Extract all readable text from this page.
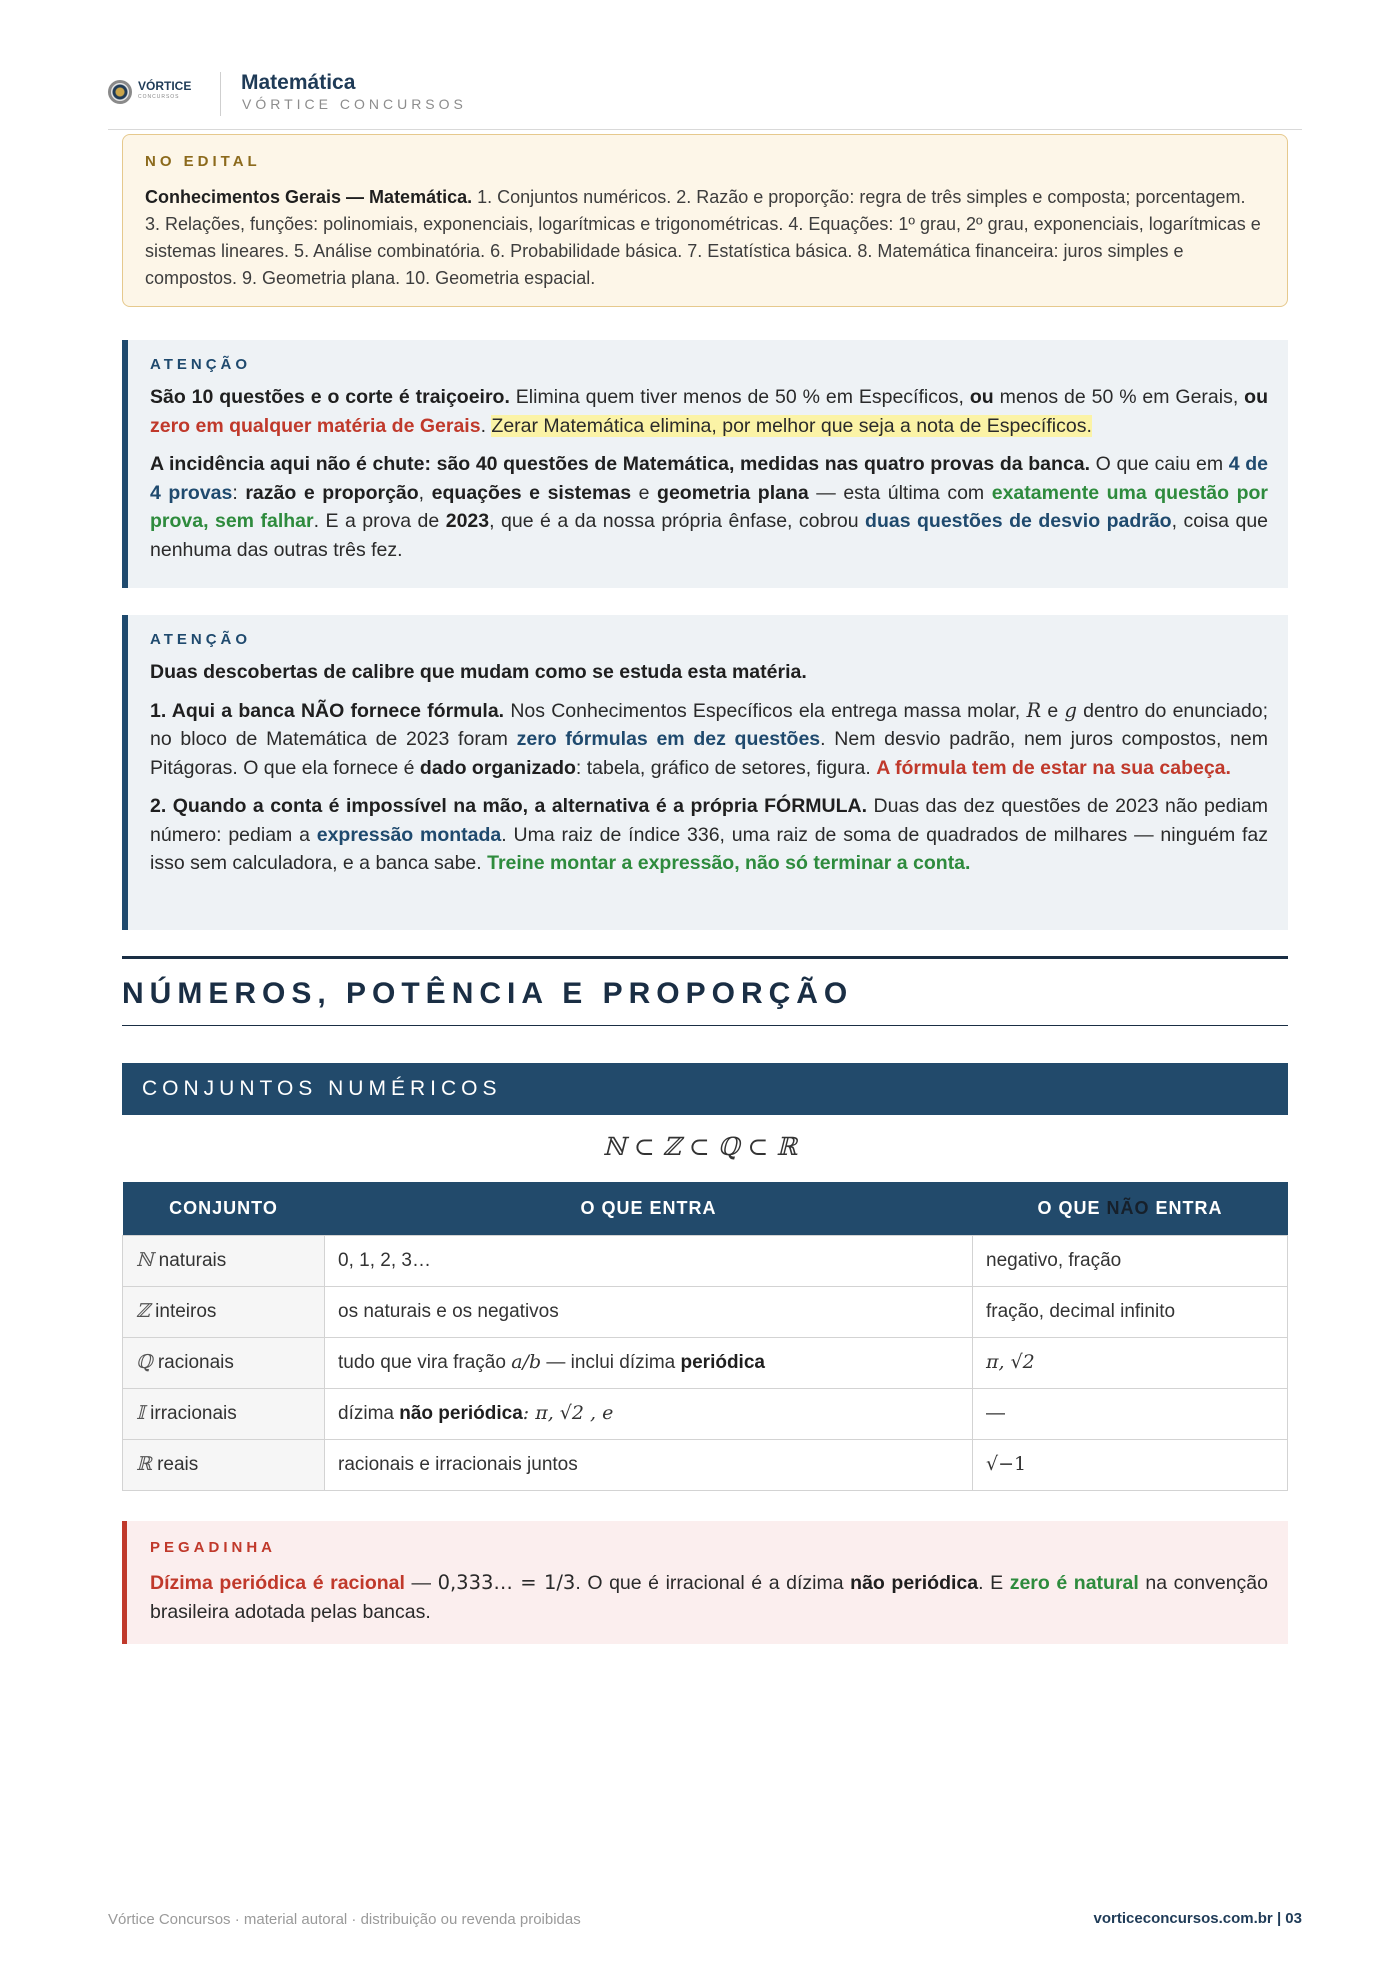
VÓRTICE
CONCURSOS
Matemática
VÓRTICE CONCURSOS
NO EDITAL

Conhecimentos Gerais — Matemática. 1. Conjuntos numéricos. 2. Razão e proporção: regra de três simples e composta; porcentagem. 3. Relações, funções: polinomiais, exponenciais, logarítmicas e trigonométricas. 4. Equações: 1º grau, 2º grau, exponenciais, logarítmicas e sistemas lineares. 5. Análise combinatória. 6. Probabilidade básica. 7. Estatística básica. 8. Matemática financeira: juros simples e compostos. 9. Geometria plana. 10. Geometria espacial.

ATENÇÃO

São 10 questões e o corte é traiçoeiro. Elimina quem tiver menos de 50 % em Específicos, ou menos de 50 % em Gerais, ou zero em qualquer matéria de Gerais. Zerar Matemática elimina, por melhor que seja a nota de Específicos.

A incidência aqui não é chute: são 40 questões de Matemática, medidas nas quatro provas da banca. O que caiu em 4 de 4 provas: razão e proporção, equações e sistemas e geometria plana — esta última com exatamente uma questão por prova, sem falhar. E a prova de 2023, que é a da nossa própria ênfase, cobrou duas questões de desvio padrão, coisa que nenhuma das outras três fez.

ATENÇÃO

Duas descobertas de calibre que mudam como se estuda esta matéria.

1. Aqui a banca NÃO fornece fórmula. Nos Conhecimentos Específicos ela entrega massa molar, R e g dentro do enunciado; no bloco de Matemática de 2023 foram zero fórmulas em dez questões. Nem desvio padrão, nem juros compostos, nem Pitágoras. O que ela fornece é dado organizado: tabela, gráfico de setores, figura. A fórmula tem de estar na sua cabeça.

2. Quando a conta é impossível na mão, a alternativa é a própria FÓRMULA. Duas das dez questões de 2023 não pediam número: pediam a expressão montada. Uma raiz de índice 336, uma raiz de soma de quadrados de milhares — ninguém faz isso sem calculadora, e a banca sabe. Treine montar a expressão, não só terminar a conta.

NÚMEROS, POTÊNCIA E PROPORÇÃO
CONJUNTOS NUMÉRICOS
ℕ ⊂ ℤ ⊂ ℚ ⊂ ℝ
CONJUNTO	O QUE ENTRA	O QUE NÃO ENTRA
ℕ naturais	0, 1, 2, 3…	negativo, fração
ℤ inteiros	os naturais e os negativos	fração, decimal infinito
ℚ racionais	tudo que vira fração a/b — inclui dízima periódica	π, √2
𝕀 irracionais	dízima não periódica: π, √2 , e	—
ℝ reais	racionais e irracionais juntos	√−1
PEGADINHA

Dízima periódica é racional — 0,333… = 1/3. O que é irracional é a dízima não periódica. E zero é natural na convenção brasileira adotada pelas bancas.

Vórtice Concursos · material autoral · distribuição ou revenda proibidas	vorticeconcursos.com.br | 03
